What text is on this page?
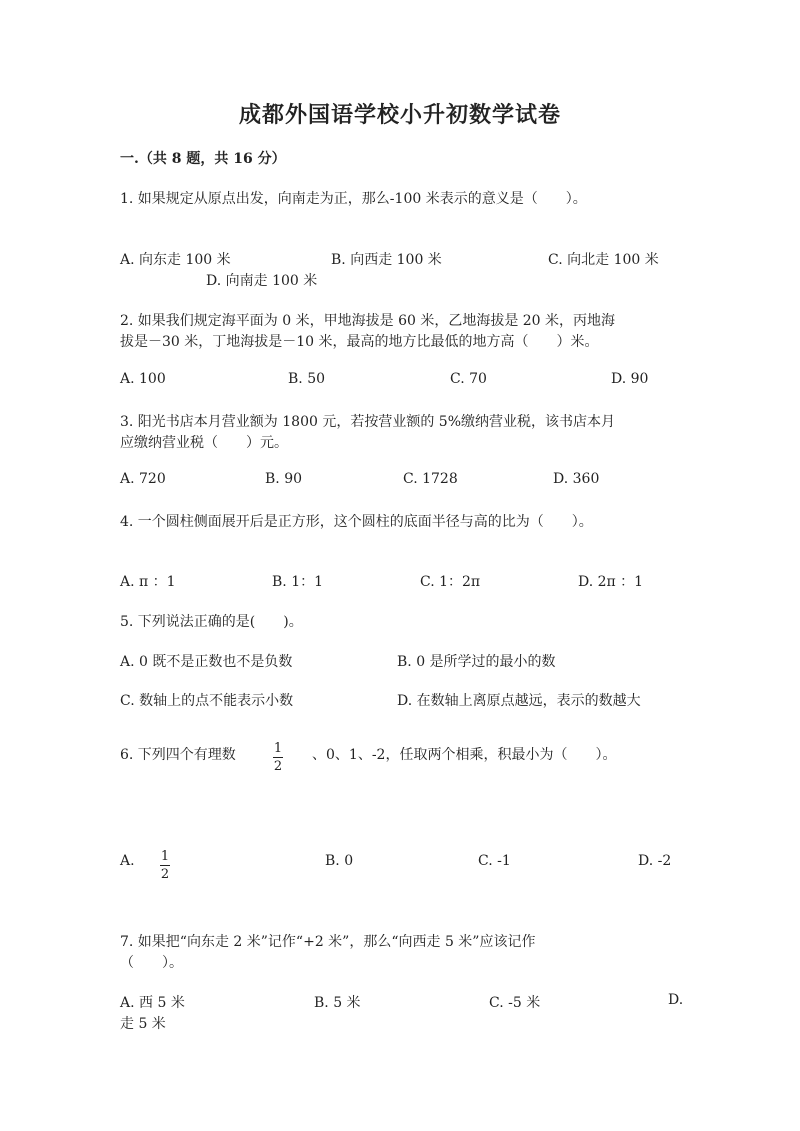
成都外国语学校小升初数学试卷
一.（共 8 题，共 16 分）
1. 如果规定从原点出发，向南走为正，那么-100 米表示的意义是（　　）。
A. 向东走 100 米	B. 向西走 100 米	C. 向北走 100 米
D. 向南走 100 米
2. 如果我们规定海平面为 0 米，甲地海拔是 60 米，乙地海拔是 20 米，丙地海
拔是－30 米，丁地海拔是－10 米，最高的地方比最低的地方高（　　）米。
A. 100	B. 50	C. 70	D. 90
3. 阳光书店本月营业额为 1800 元，若按营业额的 5%缴纳营业税，该书店本月
应缴纳营业税（　　）元。
A. 720	B. 90	C. 1728	D. 360
4. 一个圆柱侧面展开后是正方形，这个圆柱的底面半径与高的比为（　　）。
A. π ：1	B. 1：1	C. 1：2π	D. 2π ：1
5. 下列说法正确的是(　　)。
A. 0 既不是正数也不是负数	B. 0 是所学过的最小的数
C. 数轴上的点不能表示小数	D. 在数轴上离原点越远，表示的数越大
6. 下列四个有理数	$\frac{1}{2}$ 、0、1、-2，任取两个相乘，积最小为（　　）。
A. $\frac{1}{2}$	B. 0	C. -1	D. -2
7. 如果把“向东走 2 米”记作“+2 米”，那么“向西走 5 米”应该记作
（　　）。
A. 西 5 米	B. 5 米	C. -5 米	D.
走 5 米
